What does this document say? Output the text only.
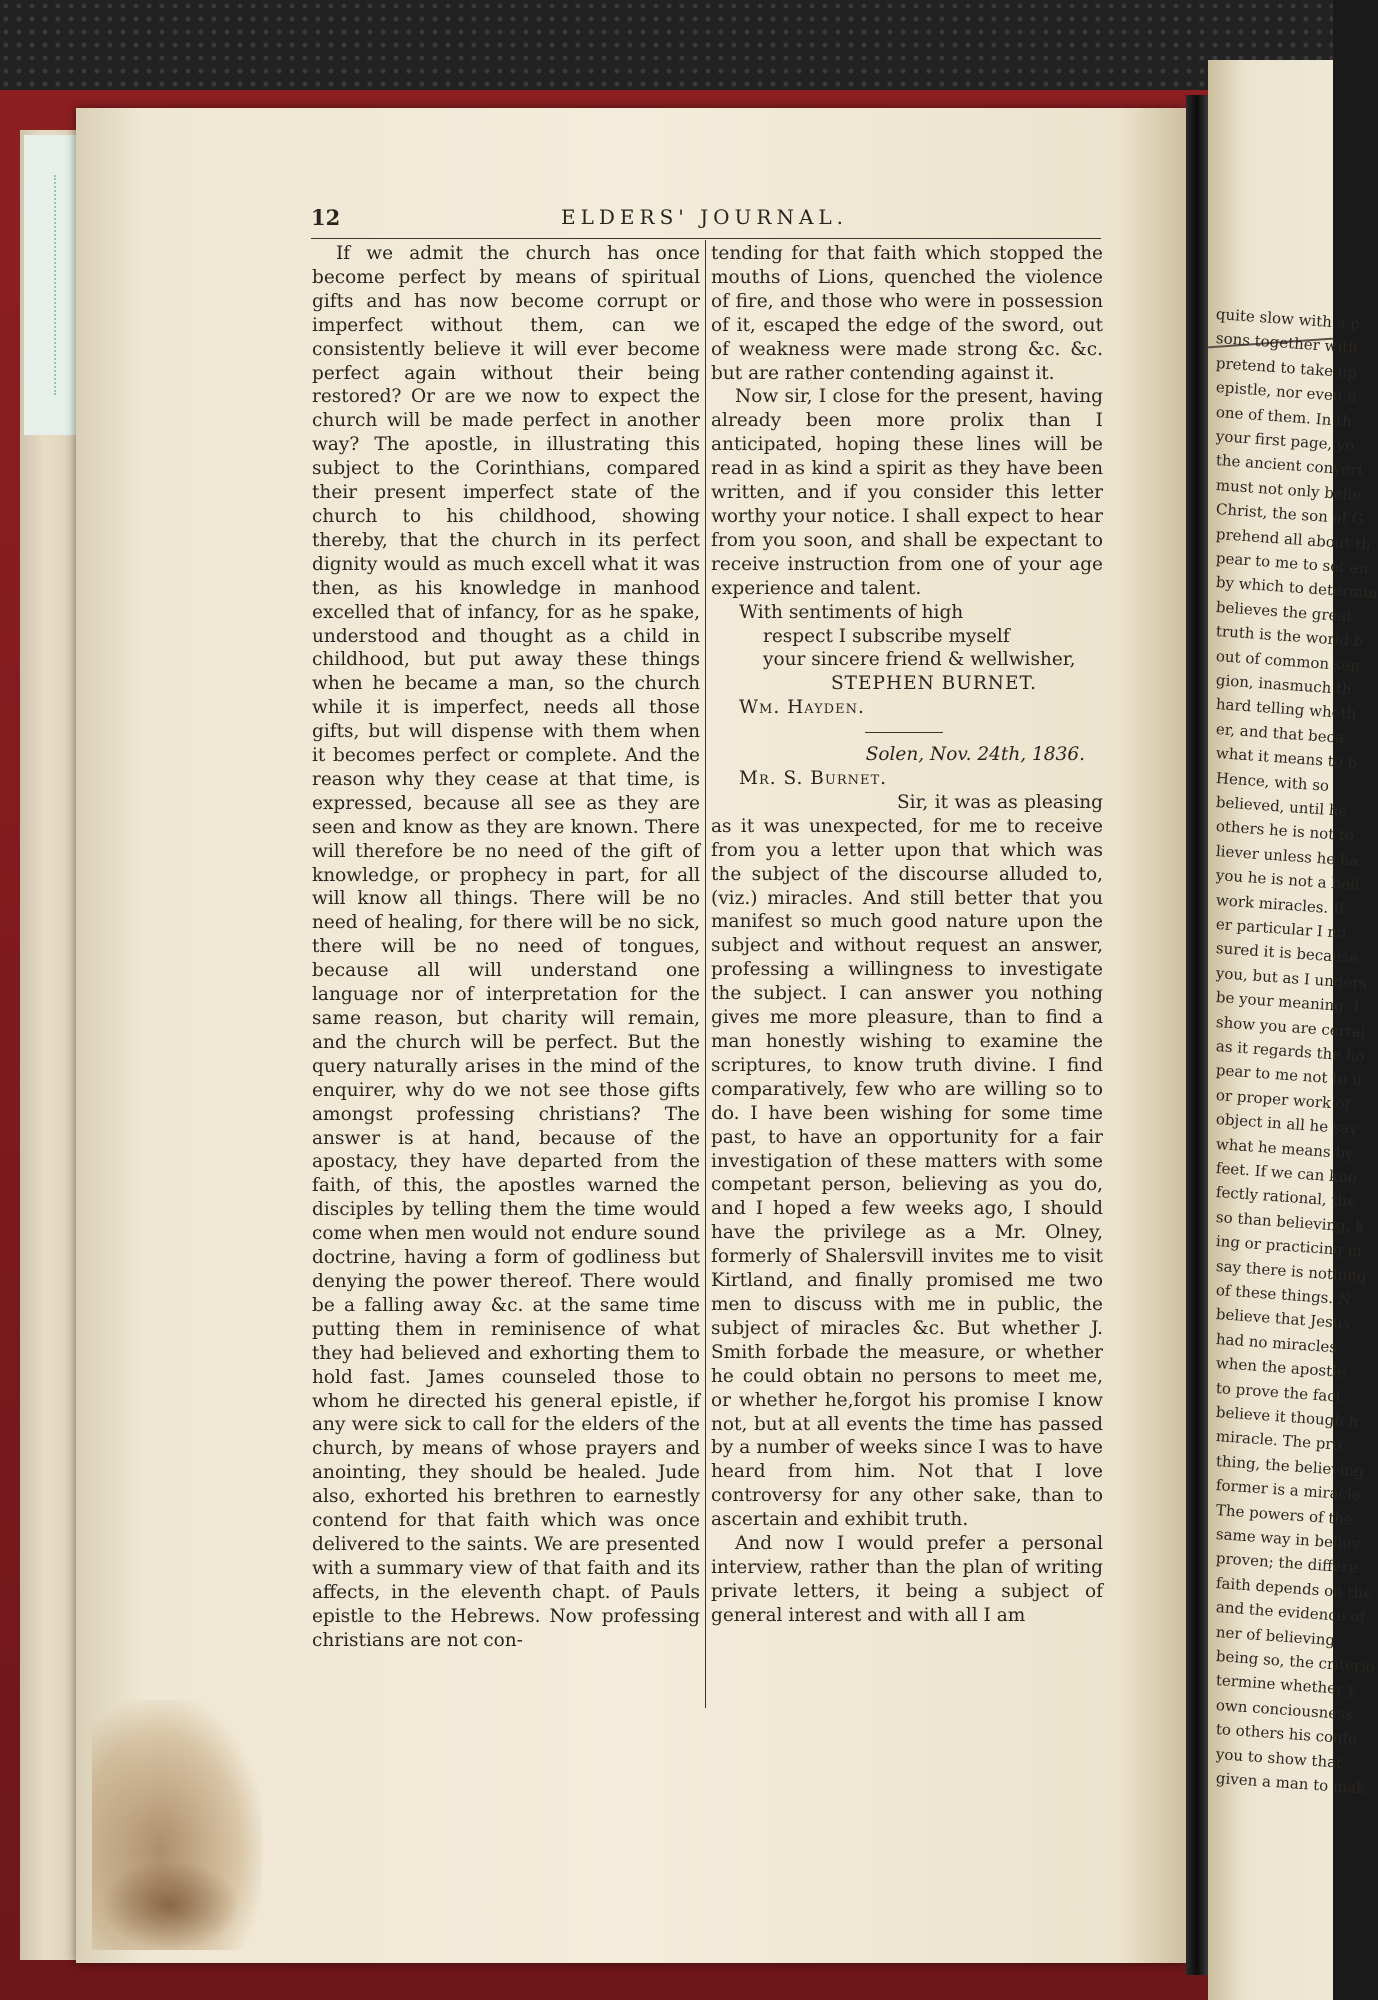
12	ELDERS' JOURNAL.

If we admit the church has once become perfect by means of spiritual gifts and has now become corrupt or imperfect without them, can we consistently believe it will ever become perfect again without their being restored? Or are we now to expect the church will be made perfect in another way? The apostle, in illustrating this subject to the Corinthians, compared their present imperfect state of the church to his childhood, showing thereby, that the church in its perfect dignity would as much excell what it was then, as his knowledge in manhood excelled that of infancy, for as he spake, understood and thought as a child in childhood, but put away these things when he became a man, so the church while it is imperfect, needs all those gifts, but will dispense with them when it becomes perfect or complete. And the reason why they cease at that time, is expressed, because all see as they are seen and know as they are known. There will therefore be no need of the gift of knowledge, or prophecy in part, for all will know all things. There will be no need of healing, for there will be no sick, there will be no need of tongues, because all will understand one language nor of interpretation for the same reason, but charity will remain, and the church will be perfect. But the query naturally arises in the mind of the enquirer, why do we not see those gifts amongst professing christians? The answer is at hand, because of the apostacy, they have departed from the faith, of this, the apostles warned the disciples by telling them the time would come when men would not endure sound doctrine, having a form of godliness but denying the power thereof. There would be a falling away &c. at the same time putting them in reminisence of what they had believed and exhorting them to hold fast. James counseled those to whom he directed his general epistle, if any were sick to call for the elders of the church, by means of whose prayers and anointing, they should be healed. Jude also, exhorted his brethren to earnestly contend for that faith which was once delivered to the saints. We are presented with a summary view of that faith and its affects, in the eleventh chapt. of Pauls epistle to the Hebrews. Now professing christians are not con-

tending for that faith which stopped the mouths of Lions, quenched the violence of fire, and those who were in possession of it, escaped the edge of the sword, out of weakness were made strong &c. &c. but are rather contending against it.

Now sir, I close for the present, having already been more prolix than I anticipated, hoping these lines will be read in as kind a spirit as they have been written, and if you consider this letter worthy your notice. I shall expect to hear from you soon, and shall be expectant to receive instruction from one of your age experience and talent.

With sentiments of high

respect I subscribe myself

your sincere friend & wellwisher,

STEPHEN BURNET.

Wm. Hayden.

Solen, Nov. 24th, 1836.

Mr. S. Burnet.

Sir, it was as pleasing as it was unexpected, for me to receive from you a letter upon that which was the subject of the discourse alluded to, (viz.) miracles. And still better that you manifest so much good nature upon the subject and without request an answer, professing a willingness to investigate the subject. I can answer you nothing gives me more pleasure, than to find a man honestly wishing to examine the scriptures, to know truth divine. I find comparatively, few who are willing so to do. I have been wishing for some time past, to have an opportunity for a fair investigation of these matters with some competant person, believing as you do, and I hoped a few weeks ago, I should have the privilege as a Mr. Olney, formerly of Shalersvill invites me to visit Kirtland, and finally promised me two men to discuss with me in public, the subject of miracles &c. But whether J. Smith forbade the measure, or whether he could obtain no persons to meet me, or whether he,forgot his promise I know not, but at all events the time has passed by a number of weeks since I was to have heard from him. Not that I love controversy for any other sake, than to ascertain and exhibit truth.

And now I would prefer a personal interview, rather than the plan of writing private letters, it being a subject of general interest and with all I am

quite slow with a p
sons together with
pretend to take up
epistle, nor even n
one of them. In th
your first page, yo
the ancient convert
must not only belie
Christ, the son of G
prehend all about th
pear to me to set an
by which to determin
believes the great
truth is the world b
out of common sen
gion, inasmuch th
hard telling wheth
er, and that beca
what it means to b
Hence, with so
believed, until he
others he is not to
liever unless he ha
you he is not a beli
work miracles. If
er particular I mi
sured it is because
you, but as I unders
be your meaning. I
show you are certai
as it regards the ho
pear to me not to u
or proper work of
object in all he say
what he means by
feet. If we can kno
fectly rational, the
so than believing, k
ing or practicing m
say there is nothing
of these things. N
believe that Jesus
had no miracles
when the apostle
to prove the fact
believe it though h
miracle. The pro
thing, the believing
former is a miracle
The powers of the
same way in believ
proven; the differe
faith depends on the
and the evidence of
ner of believing
being so, the criterio
termine whether y
own conciousness
to others his confe
you to show that
given a man to mak
